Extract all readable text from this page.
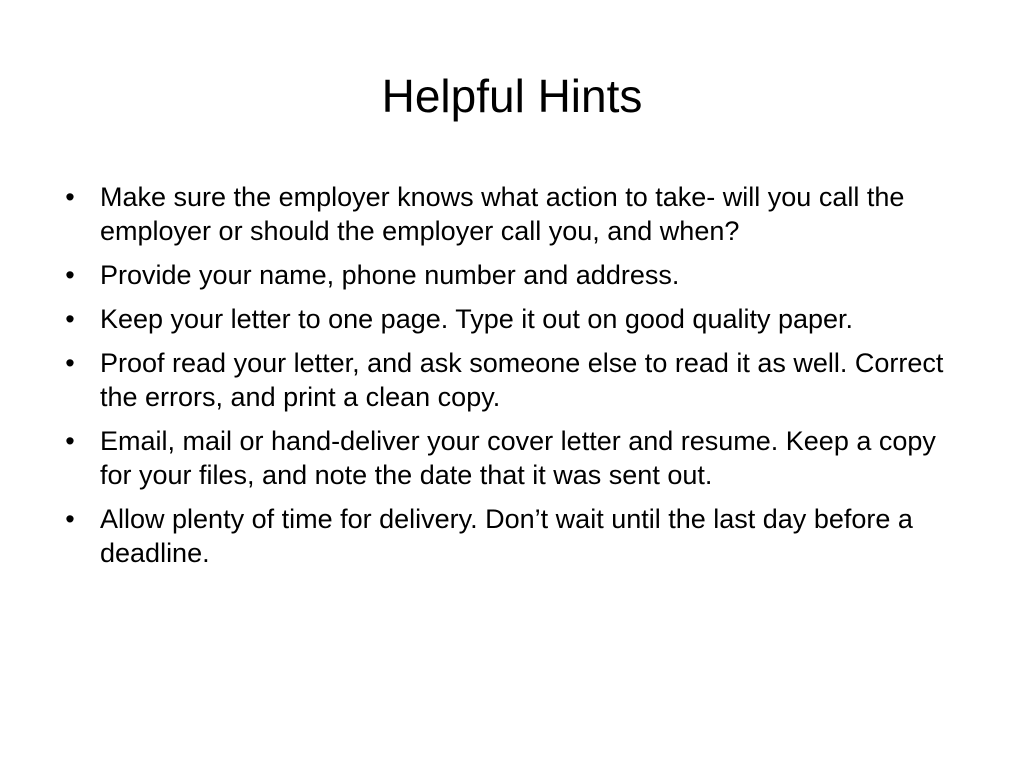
Helpful Hints
• Make sure the employer knows what action to take- will you call the employer or should the employer call you, and when?
• Provide your name, phone number and address.
• Keep your letter to one page. Type it out on good quality paper.
• Proof read your letter, and ask someone else to read it as well. Correct the errors, and print a clean copy.
• Email, mail or hand-deliver your cover letter and resume. Keep a copy for your files, and note the date that it was sent out.
• Allow plenty of time for delivery. Don’t wait until the last day before a deadline.
